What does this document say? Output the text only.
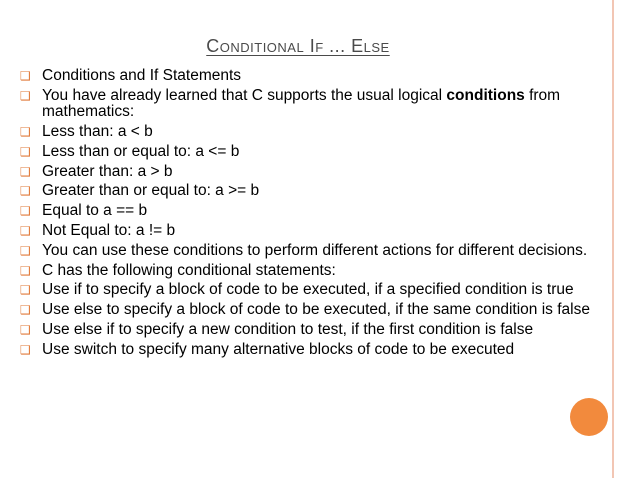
Conditional If ... Else
❑ Conditions and If Statements
❑ You have already learned that C supports the usual logical conditions from mathematics:
❑ Less than: a < b
❑ Less than or equal to: a <= b
❑ Greater than: a > b
❑ Greater than or equal to: a >= b
❑ Equal to a == b
❑ Not Equal to: a != b
❑ You can use these conditions to perform different actions for different decisions.
❑ C has the following conditional statements:
❑ Use if to specify a block of code to be executed, if a specified condition is true
❑ Use else to specify a block of code to be executed, if the same condition is false
❑ Use else if to specify a new condition to test, if the first condition is false
❑ Use switch to specify many alternative blocks of code to be executed
